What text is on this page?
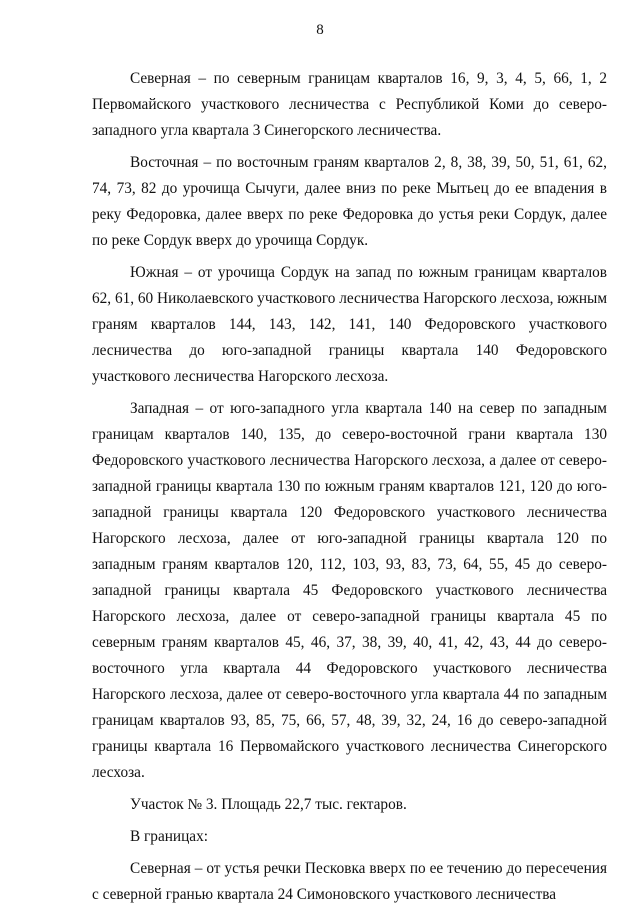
8

Северная – по северным границам кварталов 16, 9, 3, 4, 5, 66, 1, 2 Первомайского участкового лесничества с Республикой Коми до северо-западного угла квартала 3 Синегорского лесничества.

Восточная – по восточным граням кварталов 2, 8, 38, 39, 50, 51, 61, 62, 74, 73, 82 до урочища Сычуги, далее вниз по реке Мытьец до ее впадения в реку Федоровка, далее вверх по реке Федоровка до устья реки Сордук, далее по реке Сордук вверх до урочища Сордук.

Южная – от урочища Сордук на запад по южным границам кварталов 62, 61, 60 Николаевского участкового лесничества Нагорского лесхоза, южным граням кварталов 144, 143, 142, 141, 140 Федоровского участкового лесничества до юго-западной границы квартала 140 Федоровского участкового лесничества Нагорского лесхоза.

Западная – от юго-западного угла квартала 140 на север по западным границам кварталов 140, 135, до северо-восточной грани квартала 130 Федоровского участкового лесничества Нагорского лесхоза, а далее от северо-западной границы квартала 130 по южным граням кварталов 121, 120 до юго-западной границы квартала 120 Федоровского участкового лесничества Нагорского лесхоза, далее от юго-западной границы квартала 120 по западным граням кварталов 120, 112, 103, 93, 83, 73, 64, 55, 45 до северо-западной границы квартала 45 Федоровского участкового лесничества Нагорского лесхоза, далее от северо-западной границы квартала 45 по северным граням кварталов 45, 46, 37, 38, 39, 40, 41, 42, 43, 44 до северо-восточного угла квартала 44 Федоровского участкового лесничества Нагорского лесхоза, далее от северо-восточного угла квартала 44 по западным границам кварталов 93, 85, 75, 66, 57, 48, 39, 32, 24, 16 до северо-западной границы квартала 16 Первомайского участкового лесничества Синегорского лесхоза.

Участок № 3. Площадь 22,7 тыс. гектаров.

В границах:

Северная – от устья речки Песковка вверх по ее течению до пересечения с северной гранью квартала 24 Симоновского участкового лесничества
